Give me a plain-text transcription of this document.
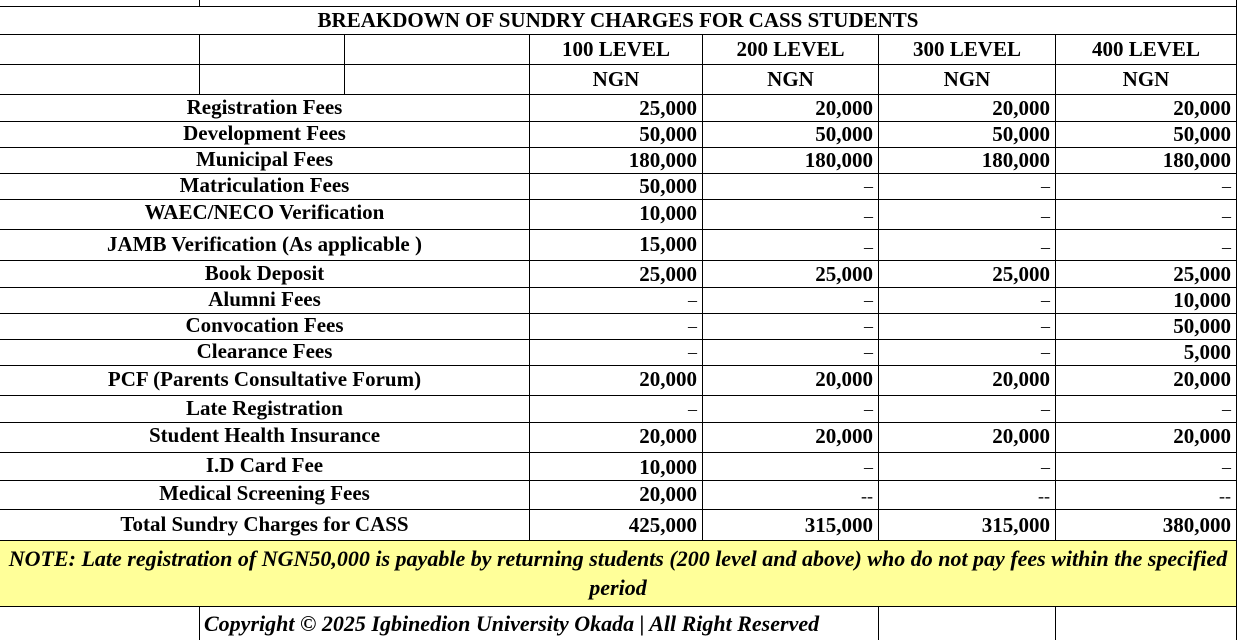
BREAKDOWN OF SUNDRY CHARGES FOR CASS STUDENTS
100 LEVEL	200 LEVEL	300 LEVEL	400 LEVEL
NGN	NGN	NGN	NGN
Registration Fees	25,000	20,000	20,000	20,000
Development Fees	50,000	50,000	50,000	50,000
Municipal Fees	180,000	180,000	180,000	180,000
Matriculation Fees	50,000	–	–	–
WAEC/NECO Verification	10,000	–	–	–
JAMB Verification (As applicable )	15,000	–	–	–
Book Deposit	25,000	25,000	25,000	25,000
Alumni Fees	–	–	–	10,000
Convocation Fees	–	–	–	50,000
Clearance Fees	–	–	–	5,000
PCF (Parents Consultative Forum)	20,000	20,000	20,000	20,000
Late Registration	–	–	–	–
Student Health Insurance	20,000	20,000	20,000	20,000
I.D Card Fee	10,000	–	–	–
Medical Screening Fees	20,000	--	--	--
Total Sundry Charges for CASS	425,000	315,000	315,000	380,000
NOTE: Late registration of NGN50,000 is payable by returning students (200 level and above) who do not pay fees within the specified period
Copyright © 2025 Igbinedion University Okada | All Right Reserved
